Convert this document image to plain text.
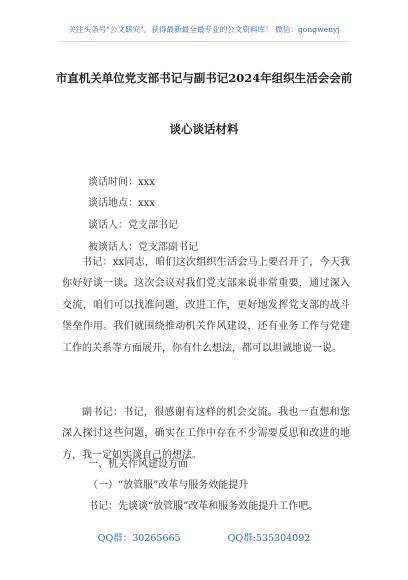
关注头条号"公文研究"，获得最新最全最专业的公文资料库！ 微信：gongwenyj
市直机关单位党支部书记与副书记2024年组织生活会会前
谈心谈话材料
谈话时间：xxx
谈话地点：xxx
谈话人：党支部书记
被谈话人：党支部副书记
书记：xx同志，咱们这次组织生活会马上要召开了，今天我你好好谈一谈。这次会议对我们党支部来说非常重要，通过深入交流，咱们可以找准问题，改进工作，更好地发挥党支部的战斗堡垒作用。我们就围绕推动机关作风建设，还有业务工作与党建工作的关系等方面展开，你有什么想法，都可以坦诚地说一说。
副书记：书记，很感谢有这样的机会交流。我也一直想和您深入探讨这些问题，确实在工作中存在不少需要反思和改进的地方，我一定如实谈自己的想法。
一、机关作风建设方面
（一）“放管服”改革与服务效能提升
书记：先谈谈“放管服”改革和服务效能提升工作吧。
QQ群：30265665	QQ群:535304092
